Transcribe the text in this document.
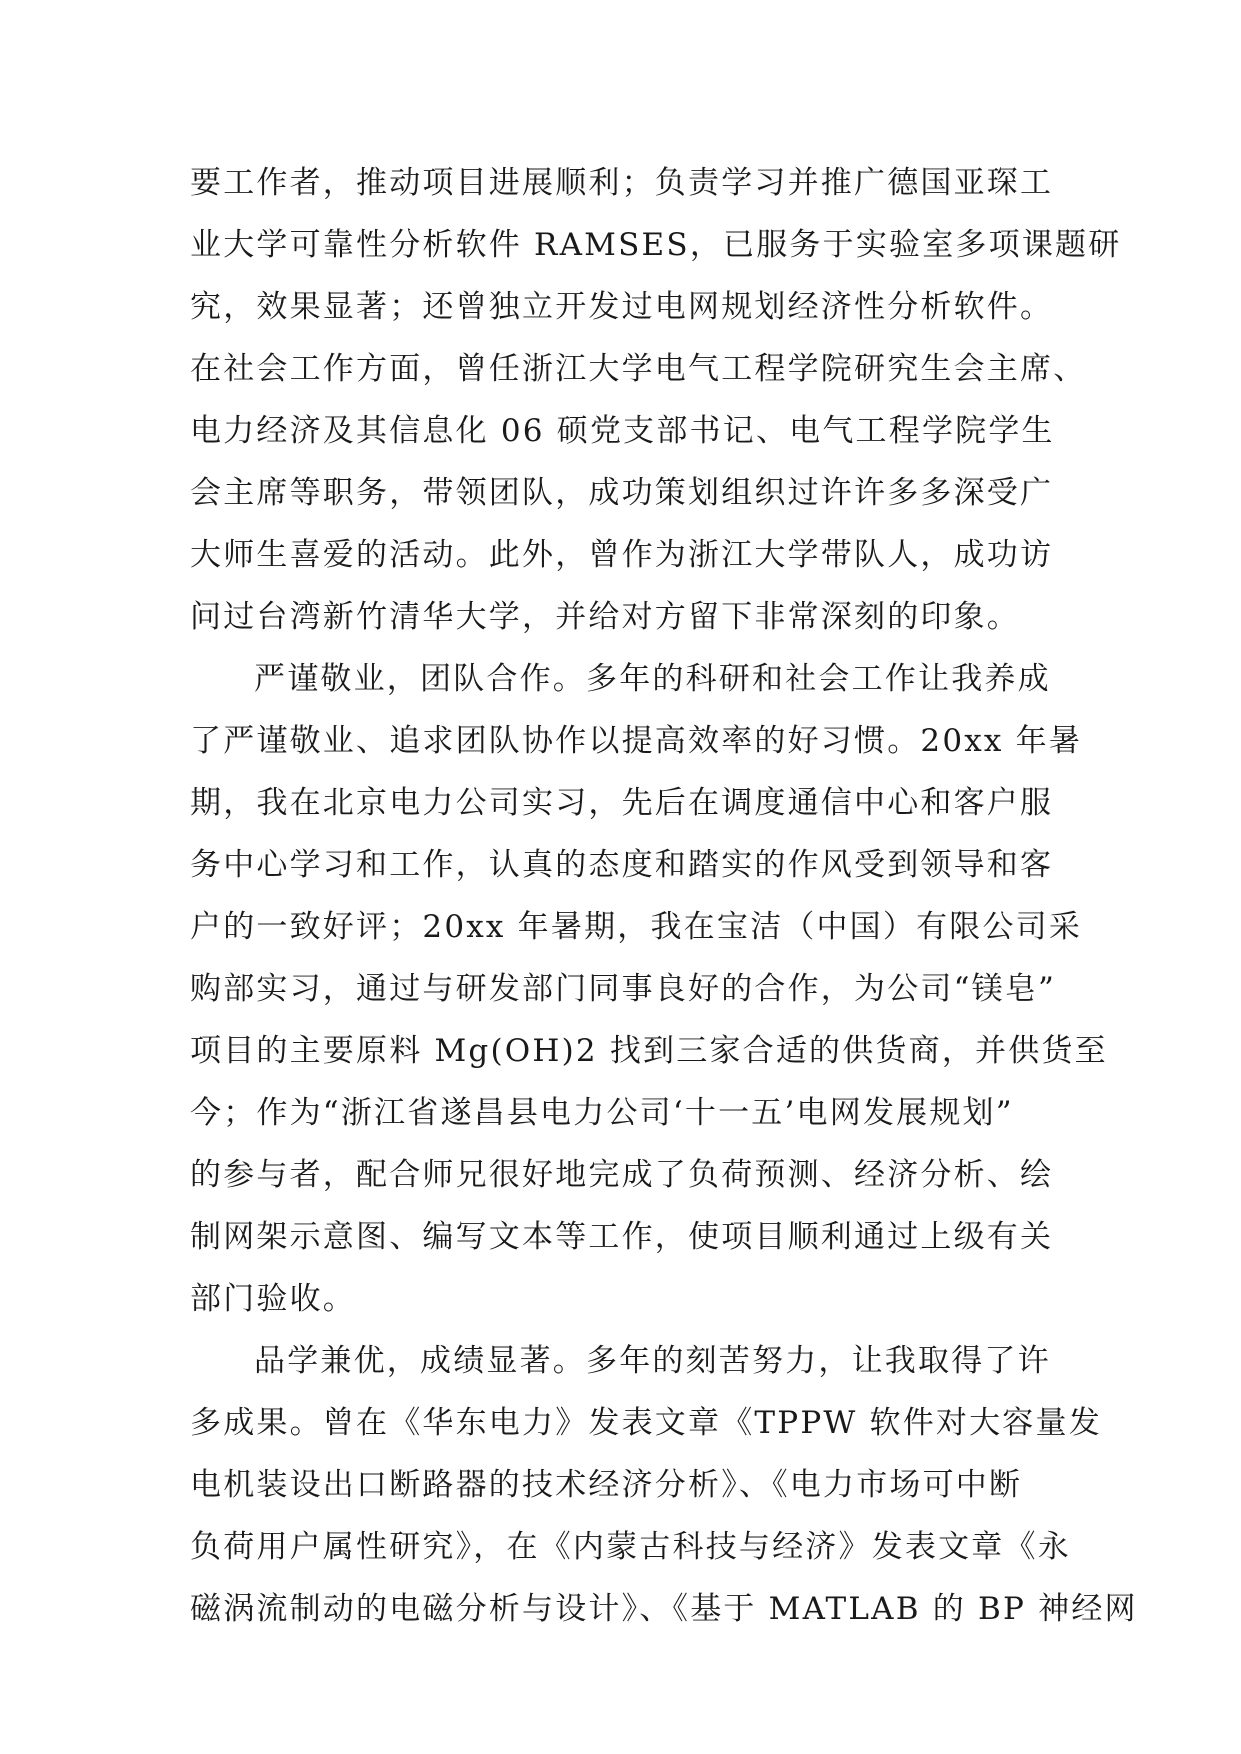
要工作者，推动项目进展顺利；负责学习并推广德国亚琛工
业大学可靠性分析软件 RAMSES，已服务于实验室多项课题研
究，效果显著；还曾独立开发过电网规划经济性分析软件。
在社会工作方面，曾任浙江大学电气工程学院研究生会主席、
电力经济及其信息化 06 硕党支部书记、电气工程学院学生
会主席等职务，带领团队，成功策划组织过许许多多深受广
大师生喜爱的活动。此外，曾作为浙江大学带队人，成功访
问过台湾新竹清华大学，并给对方留下非常深刻的印象。
严谨敬业，团队合作。多年的科研和社会工作让我养成
了严谨敬业、追求团队协作以提高效率的好习惯。20xx 年暑
期，我在北京电力公司实习，先后在调度通信中心和客户服
务中心学习和工作，认真的态度和踏实的作风受到领导和客
户的一致好评；20xx 年暑期，我在宝洁（中国）有限公司采
购部实习，通过与研发部门同事良好的合作，为公司“镁皂”
项目的主要原料 Mg(OH)2 找到三家合适的供货商，并供货至
今；作为“浙江省遂昌县电力公司‘十一五’电网发展规划”
的参与者，配合师兄很好地完成了负荷预测、经济分析、绘
制网架示意图、编写文本等工作，使项目顺利通过上级有关
部门验收。
品学兼优，成绩显著。多年的刻苦努力，让我取得了许
多成果。曾在《华东电力》发表文章《TPPW 软件对大容量发
电机装设出口断路器的技术经济分析》、《电力市场可中断
负荷用户属性研究》，在《内蒙古科技与经济》发表文章《永
磁涡流制动的电磁分析与设计》、《基于 MATLAB 的 BP 神经网
